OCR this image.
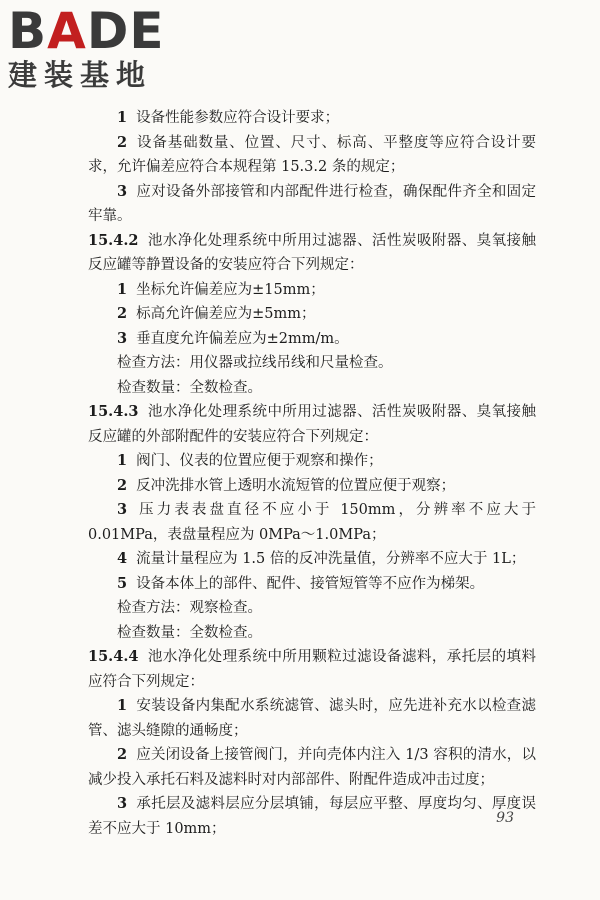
BADE
建装基地

1 设备性能参数应符合设计要求；

2 设备基础数量、位置、尺寸、标高、平整度等应符合设计要求，允许偏差应符合本规程第 15.3.2 条的规定；

3 应对设备外部接管和内部配件进行检查，确保配件齐全和固定牢靠。

15.4.2 池水净化处理系统中所用过滤器、活性炭吸附器、臭氧接触反应罐等静置设备的安装应符合下列规定：

1 坐标允许偏差应为±15mm；

2 标高允许偏差应为±5mm；

3 垂直度允许偏差应为±2mm/m。

检查方法：用仪器或拉线吊线和尺量检查。

检查数量：全数检查。

15.4.3 池水净化处理系统中所用过滤器、活性炭吸附器、臭氧接触反应罐的外部附配件的安装应符合下列规定：

1 阀门、仪表的位置应便于观察和操作；

2 反冲洗排水管上透明水流短管的位置应便于观察；

3 压力表表盘直径不应小于 150mm，分辨率不应大于 0.01MPa，表盘量程应为 0MPa～1.0MPa；

4 流量计量程应为 1.5 倍的反冲洗量值，分辨率不应大于 1L；

5 设备本体上的部件、配件、接管短管等不应作为梯架。

检查方法：观察检查。

检查数量：全数检查。

15.4.4 池水净化处理系统中所用颗粒过滤设备滤料，承托层的填料应符合下列规定：

1 安装设备内集配水系统滤管、滤头时，应先进补充水以检查滤管、滤头缝隙的通畅度；

2 应关闭设备上接管阀门，并向壳体内注入 1/3 容积的清水，以减少投入承托石料及滤料时对内部部件、附配件造成冲击过度；

3 承托层及滤料层应分层填铺，每层应平整、厚度均匀、厚度误差不应大于 10mm；

93
